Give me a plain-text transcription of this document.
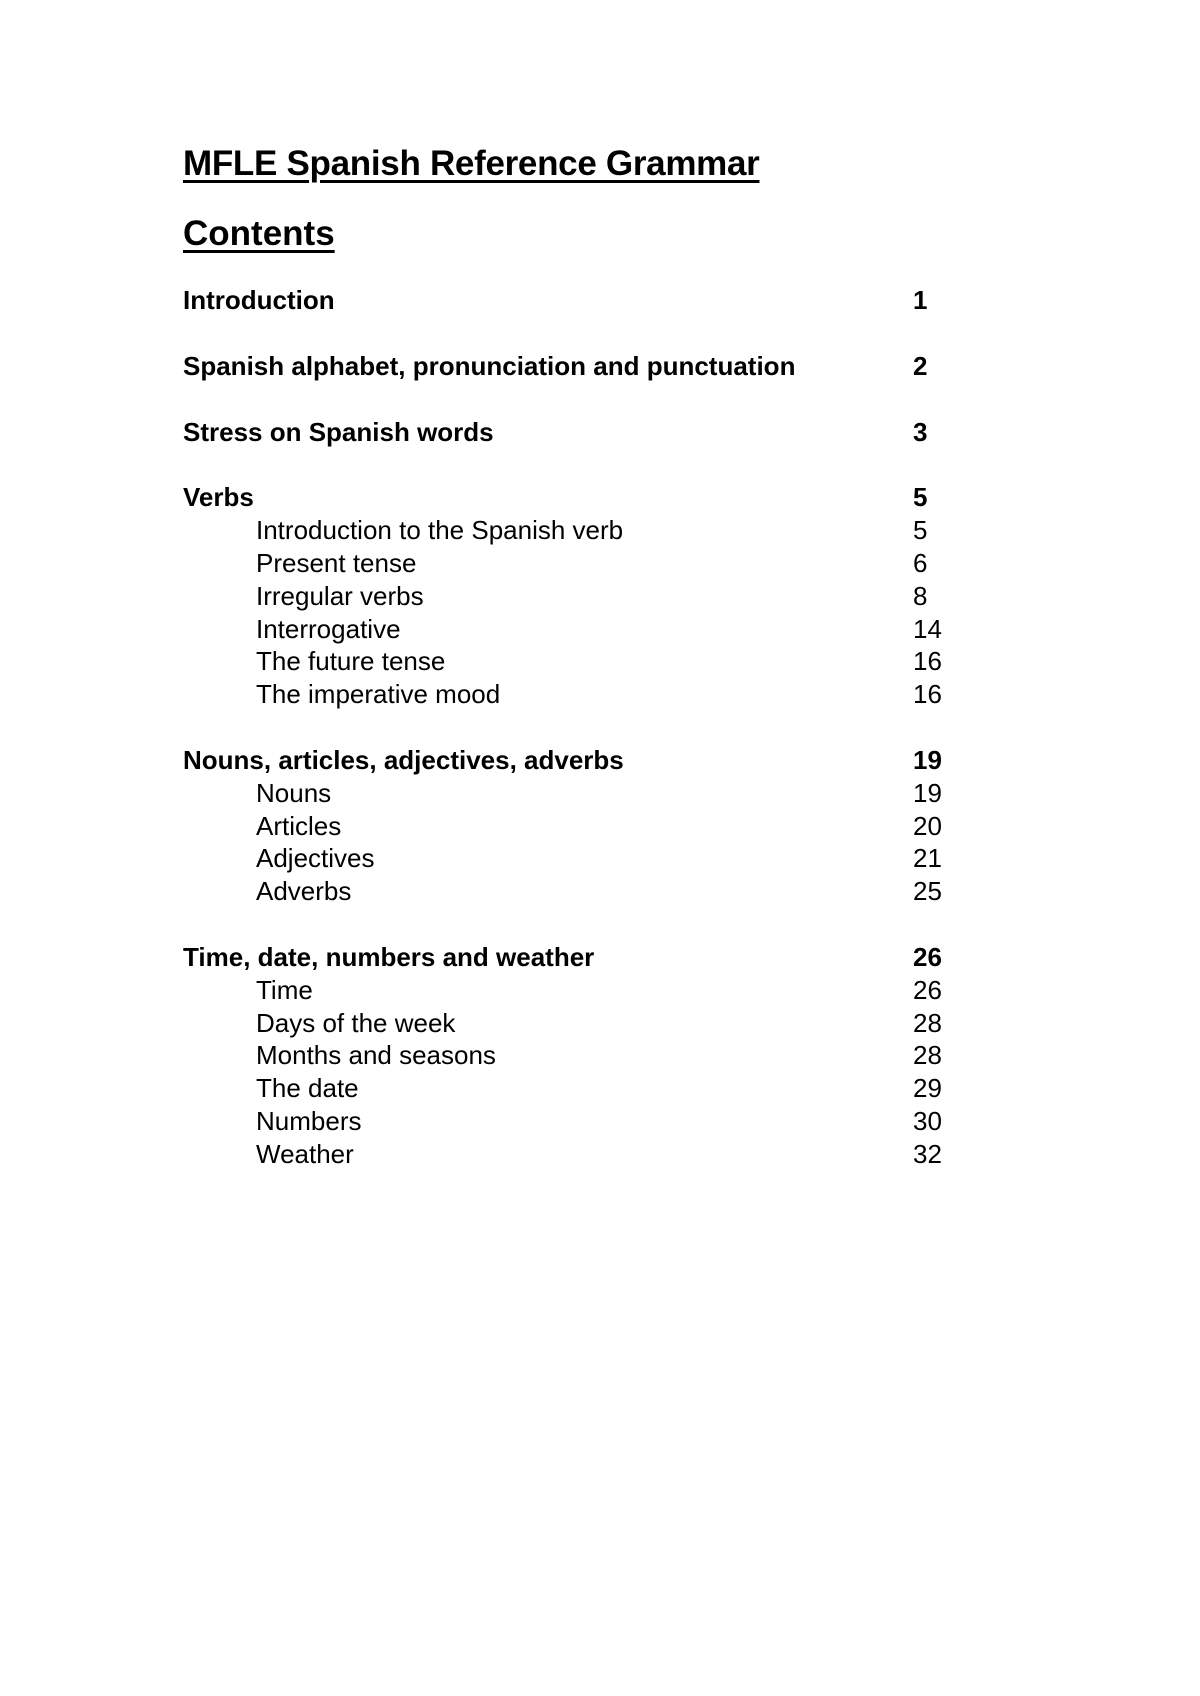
MFLE Spanish Reference Grammar
Contents
Introduction	1
Spanish alphabet, pronunciation and punctuation	2
Stress on Spanish words	3
Verbs	5
Introduction to the Spanish verb	5
Present tense	6
Irregular verbs	8
Interrogative	14
The future tense	16
The imperative mood	16
Nouns, articles, adjectives, adverbs	19
Nouns	19
Articles	20
Adjectives	21
Adverbs	25
Time, date, numbers and weather	26
Time	26
Days of the week	28
Months and seasons	28
The date	29
Numbers	30
Weather	32
